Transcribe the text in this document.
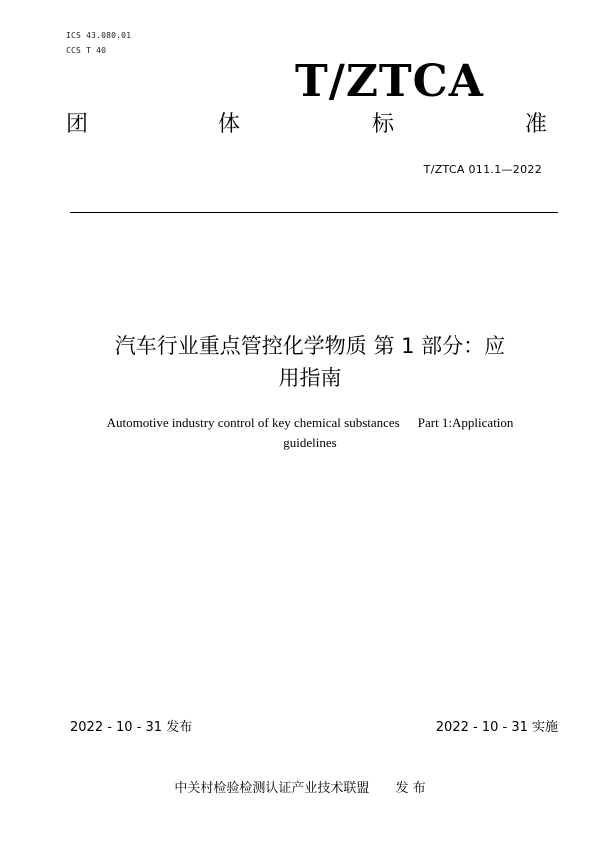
ICS 43.080.01
CCS T 40
T/ZTCA
团	体	标	准
T/ZTCA 011.1—2022
汽车行业重点管控化学物质 第 1 部分：应
用指南
Automotive industry control of key chemical substances Part 1:Application
guidelines
2022 - 10 - 31 发布	2022 - 10 - 31 实施
中关村检验检测认证产业技术联盟 发 布
